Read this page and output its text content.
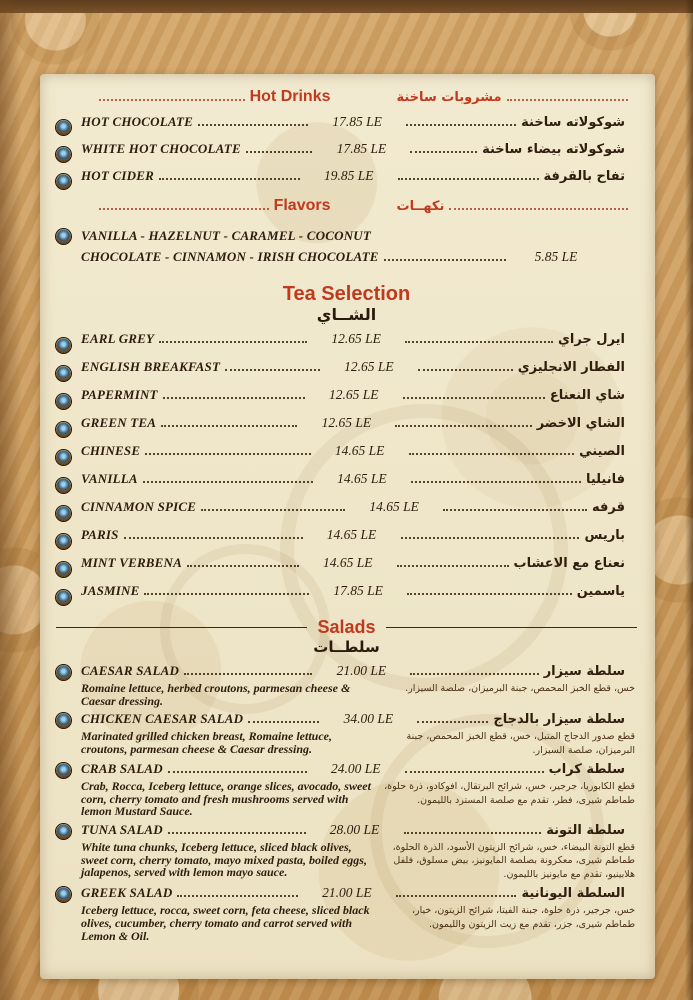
Hot Drinks	مشروبات ساخنة
HOT CHOCOLATE	17.85 LE	شوكولاته ساخنة
WHITE HOT CHOCOLATE	17.85 LE	شوكولاته بيضاء ساخنة
HOT CIDER	19.85 LE	تفاح بالقرفة
Flavors	نكهــات
VANILLA - HAZELNUT - CARAMEL - COCONUT
CHOCOLATE - CINNAMON - IRISH CHOCOLATE	5.85 LE
Tea Selection
الشــاي
EARL GREY	12.65 LE	ايرل جراي
ENGLISH BREAKFAST	12.65 LE	الفطار الانجليزي
PAPERMINT	12.65 LE	شاي النعناع
GREEN TEA	12.65 LE	الشاي الاخضر
CHINESE	14.65 LE	الصيني
VANILLA	14.65 LE	فانيليا
CINNAMON SPICE	14.65 LE	قرفه
PARIS	14.65 LE	باريس
MINT VERBENA	14.65 LE	نعناع مع الاعشاب
JASMINE	17.85 LE	ياسمين
Salads
سلطــات
CAESAR SALAD	21.00 LE	سلطة سيزار
Romaine lettuce, herbed croutons, parmesan cheese & Caesar dressing.
خس، قطع الخبز المحمص، جبنة البرميزان، صلصة السيزار.
CHICKEN CAESAR SALAD	34.00 LE	سلطة سيزار بالدجاج
Marinated grilled chicken breast, Romaine lettuce, croutons, parmesan cheese & Caesar dressing.
قطع صدور الدجاج المتبل، خس، قطع الخبز المحمص، جبنة البرميزان، صلصة السيزار.
CRAB SALAD	24.00 LE	سلطة كراب
Crab, Rocca, Iceberg lettuce, orange slices, avocado, sweet corn, cherry tomato and fresh mushrooms served with lemon Mustard Sauce.
قطع الكابوريا، جرجير، خس، شرائح البرتقال، افوكادو، ذرة حلوة، طماطم شيرى، فطر، تقدم مع صلصة المسترد بالليمون.
TUNA SALAD	28.00 LE	سلطة التونة
White tuna chunks, Iceberg lettuce, sliced black olives, sweet corn, cherry tomato, mayo mixed pasta, boiled eggs, jalapenos, served with lemon mayo sauce.
قطع التونة البيضاء، خس، شرائح الزيتون الأسود، الذرة الحلوة، طماطم شيرى، معكرونة بصلصة المايونيز، بيض مسلوق، فلفل هلابينيو، تقدم مع مايونيز بالليمون.
GREEK SALAD	21.00 LE	السلطة اليونانية
Iceberg lettuce, rocca, sweet corn, feta cheese, sliced black olives, cucumber, cherry tomato and carrot served with Lemon & Oil.
خس، جرجير، ذرة حلوة، جبنة الفيتا، شرائح الزيتون، خيار، طماطم شيرى، جزر، تقدم مع زيت الزيتون والليمون.
